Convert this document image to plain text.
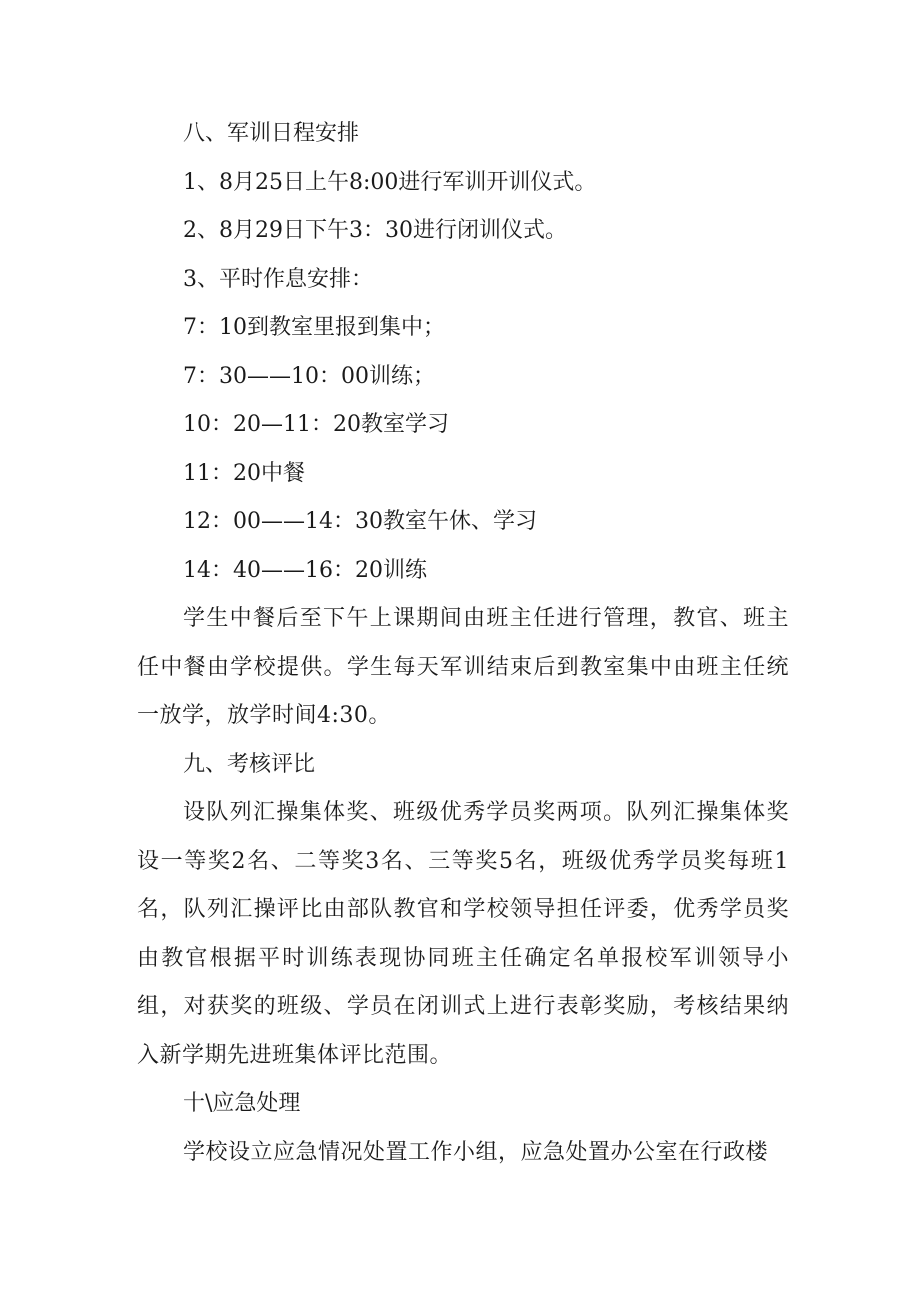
八、军训日程安排
1、8月25日上午8:00进行军训开训仪式。
2、8月29日下午3：30进行闭训仪式。
3、平时作息安排：
7：10到教室里报到集中；
7：30——10：00训练；
10：20—11：20教室学习
11：20中餐
12：00——14：30教室午休、学习
14：40——16：20训练
学生中餐后至下午上课期间由班主任进行管理，教官、班主任中餐由学校提供。学生每天军训结束后到教室集中由班主任统一放学，放学时间4:30。
九、考核评比
设队列汇操集体奖、班级优秀学员奖两项。队列汇操集体奖设一等奖2名、二等奖3名、三等奖5名，班级优秀学员奖每班1名，队列汇操评比由部队教官和学校领导担任评委，优秀学员奖由教官根据平时训练表现协同班主任确定名单报校军训领导小组，对获奖的班级、学员在闭训式上进行表彰奖励，考核结果纳入新学期先进班集体评比范围。
十\应急处理
学校设立应急情况处置工作小组，应急处置办公室在行政楼
